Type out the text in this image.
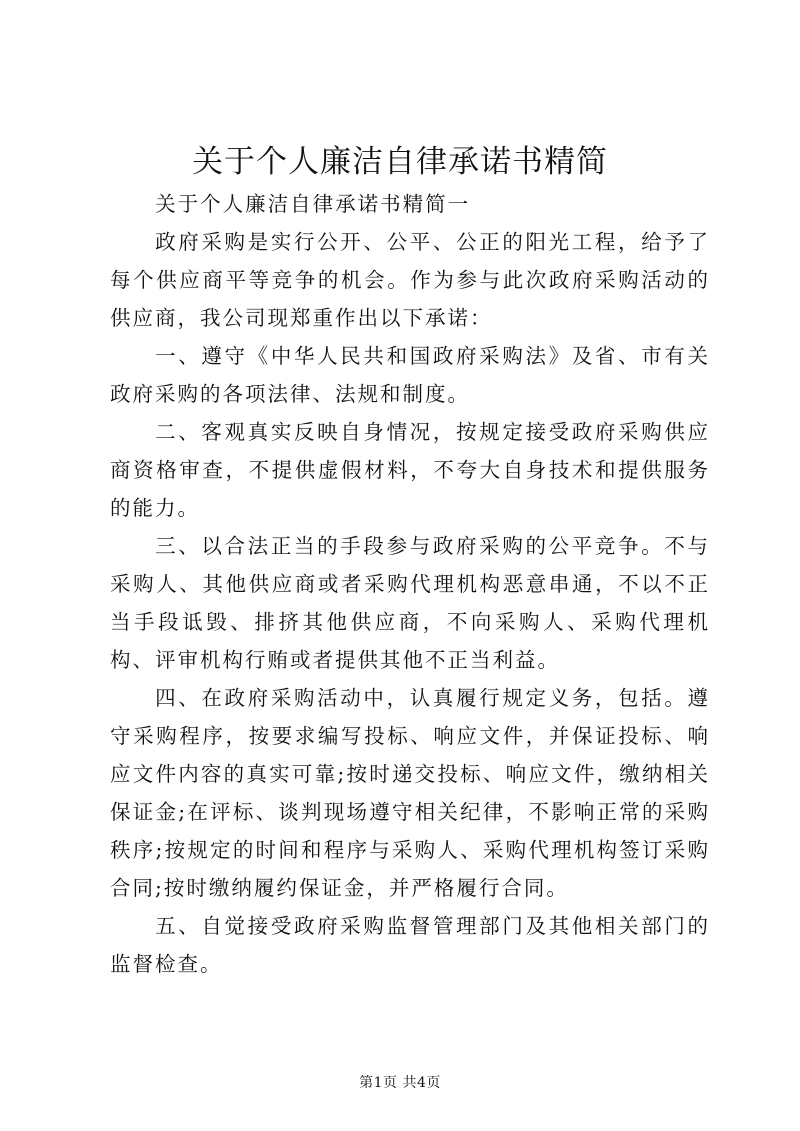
关于个人廉洁自律承诺书精简

关于个人廉洁自律承诺书精简一

政府采购是实行公开、公平、公正的阳光工程，给予了每个供应商平等竞争的机会。作为参与此次政府采购活动的供应商，我公司现郑重作出以下承诺：

一、遵守《中华人民共和国政府采购法》及省、市有关政府采购的各项法律、法规和制度。

二、客观真实反映自身情况，按规定接受政府采购供应商资格审查，不提供虚假材料，不夸大自身技术和提供服务的能力。

三、以合法正当的手段参与政府采购的公平竞争。不与采购人、其他供应商或者采购代理机构恶意串通，不以不正当手段诋毁、排挤其他供应商，不向采购人、采购代理机构、评审机构行贿或者提供其他不正当利益。

四、在政府采购活动中，认真履行规定义务，包括。遵守采购程序，按要求编写投标、响应文件，并保证投标、响应文件内容的真实可靠;按时递交投标、响应文件，缴纳相关保证金;在评标、谈判现场遵守相关纪律，不影响正常的采购秩序;按规定的时间和程序与采购人、采购代理机构签订采购合同;按时缴纳履约保证金，并严格履行合同。

五、自觉接受政府采购监督管理部门及其他相关部门的监督检查。

第1页 共4页
